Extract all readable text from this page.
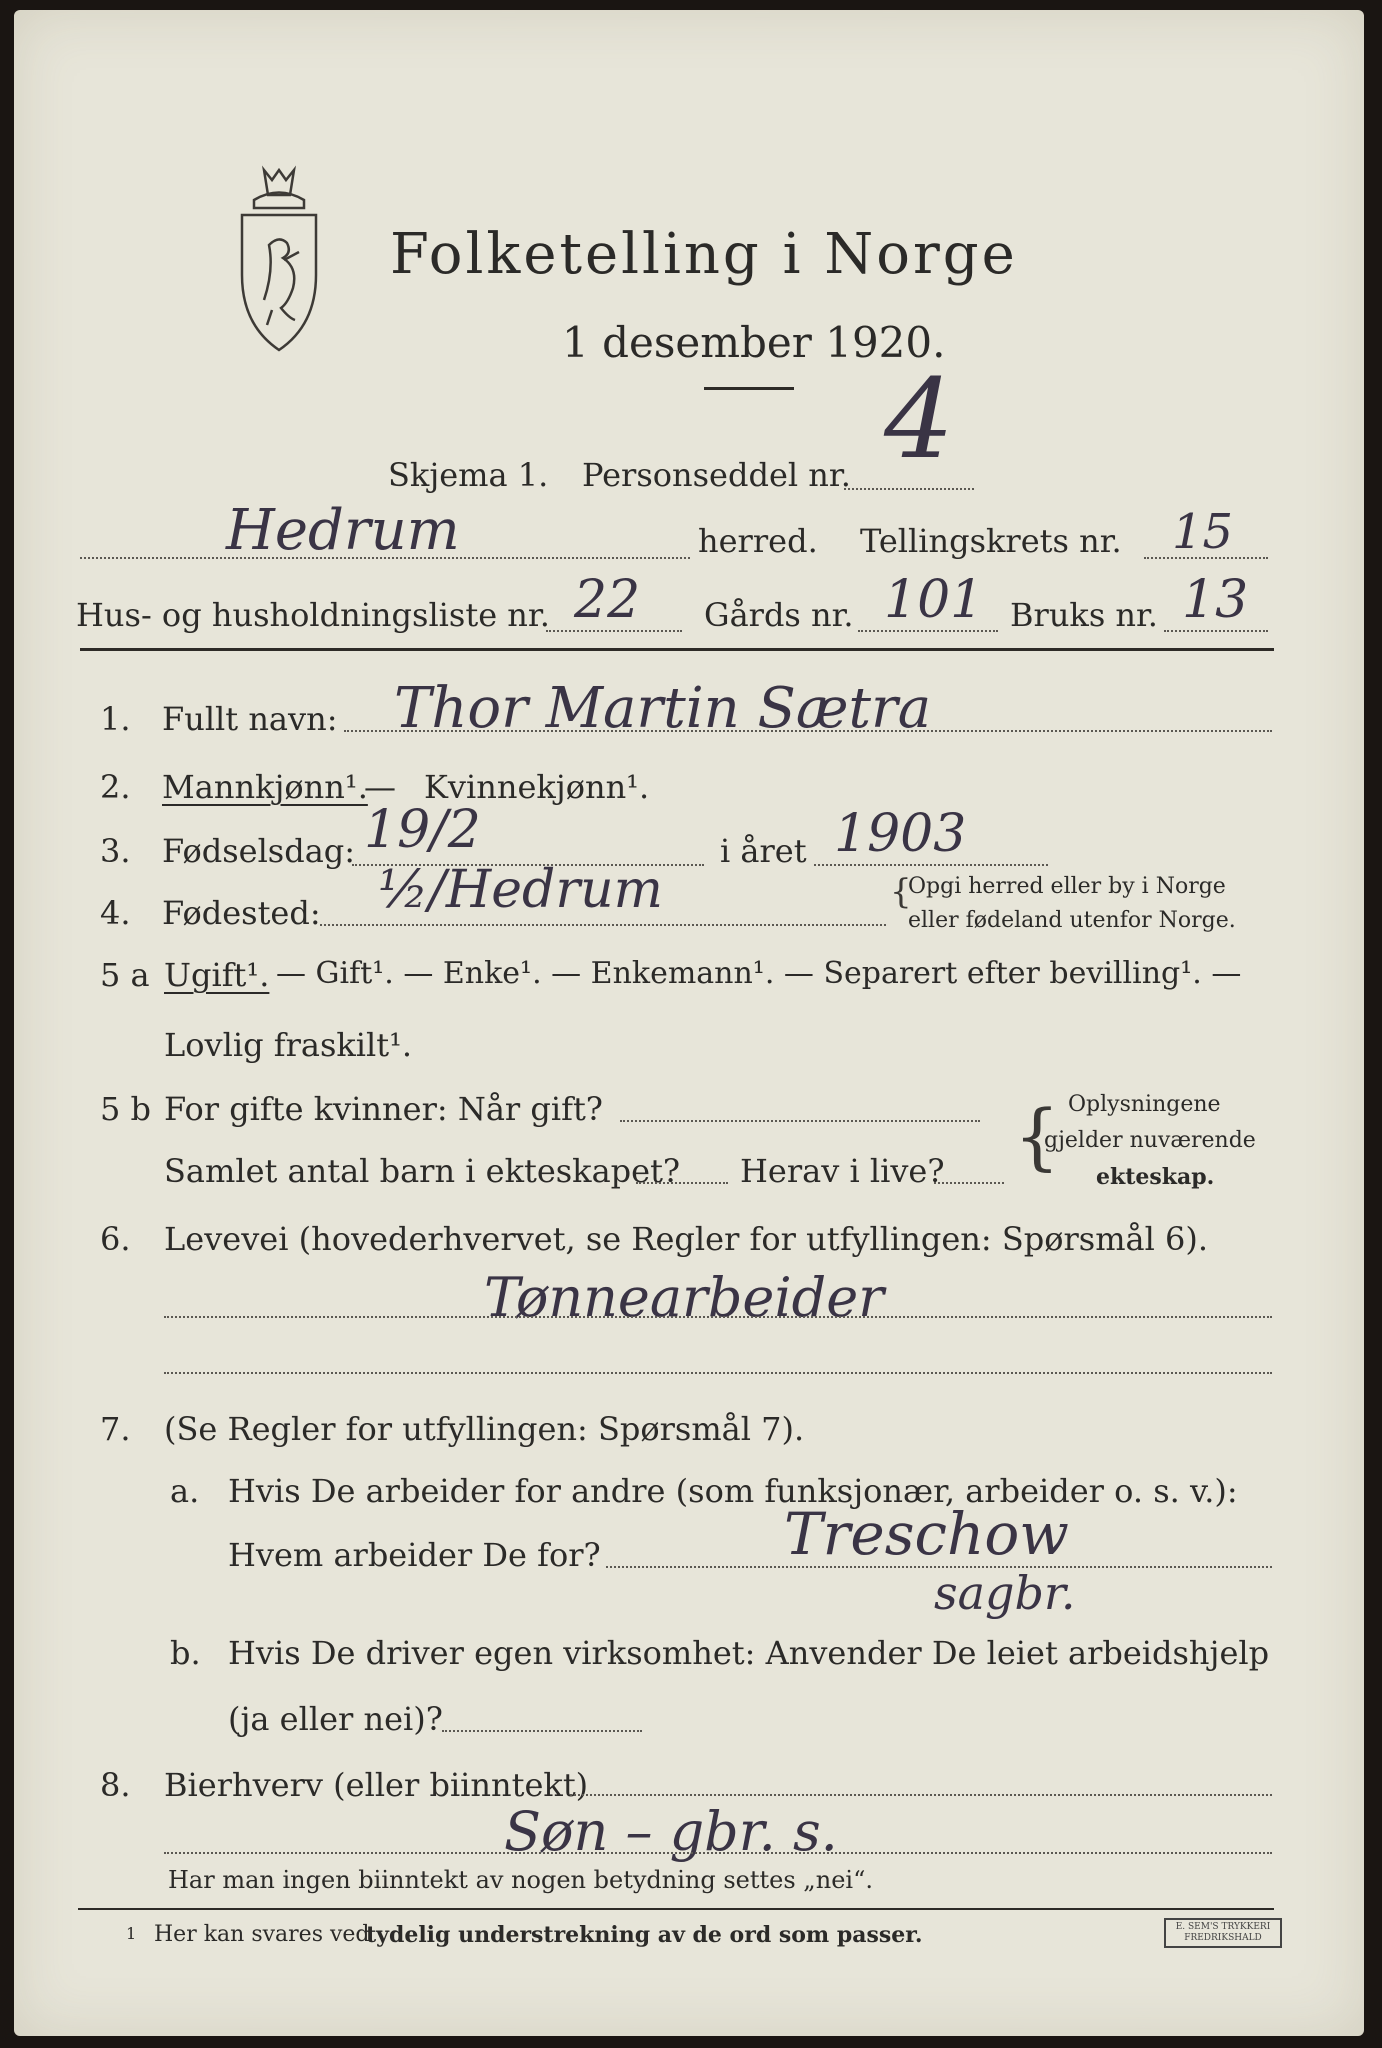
Folketelling i Norge
1 desember 1920.
Skjema 1. Personseddel nr. 4
Hedrum	herred. Tellingskrets nr. 15
Hus- og husholdningsliste nr. 22 Gårds nr. 101 Bruks nr. 13
1. Fullt navn: Thor Martin Sætra
2. Mannkjønn¹.
— Kvinnekjønn¹.
3. Fødselsdag: 19/2	i året 1903
4. Fødested: ½/Hedrum	{
Opgi herred eller by i Norge
eller fødeland utenfor Norge.
5 a Ugift¹. — Gift¹. — Enke¹. — Enkemann¹. — Separert efter bevilling¹. —
Lovlig fraskilt¹.
5 b For gifte kvinner: Når gift?
Samlet antal barn i ekteskapet? Herav i live? { Oplysningene
gjelder nuværende
ekteskap.
6. Levevei (hovederhvervet, se Regler for utfyllingen: Spørsmål 6).
Tønnearbeider
7. (Se Regler for utfyllingen: Spørsmål 7).
a. Hvis De arbeider for andre (som funksjonær, arbeider o. s. v.):
Hvem arbeider De for?	Treschow
sagbr.
b. Hvis De driver egen virksomhet: Anvender De leiet arbeidshjelp
(ja eller nei)?
8. Bierhverv (eller biinntekt)
Søn – gbr. s.
Har man ingen biinntekt av nogen betydning settes „nei“.
1 Her kan svares ved
tydelig understrekning av de ord som passer.	E. SEM'S TRYKKERI
FREDRIKSHALD
